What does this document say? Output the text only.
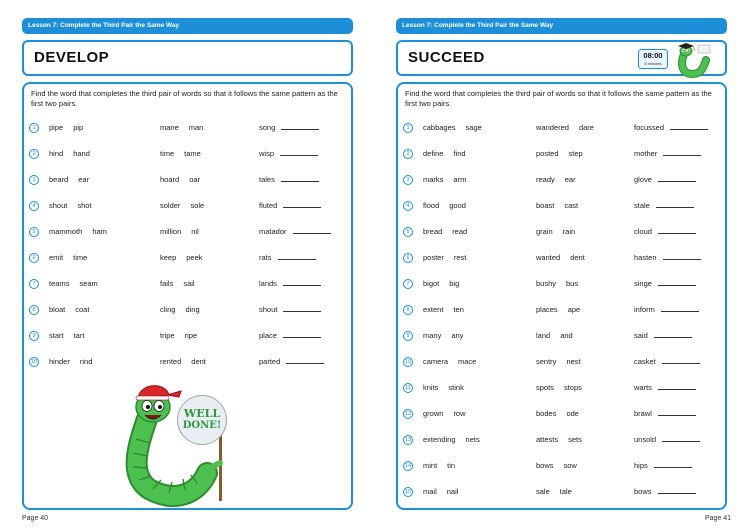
Lesson 7: Complete the Third Pair the Same Way
DEVELOP
Find the word that completes the third pair of words so that it follows the same pattern as the first two pairs.
1	pipe pip	mane man	song
2	hind hand	time tame	wisp
3	beard ear	hoard oar	tales
4	shout shot	solder sole	fluted
5	mammoth ham	million nil	matador
6	emit time	keep peek	rats
7	teams seam	fails sail	lands
8	bloat coat	cling ding	shout
9	start tart	tripe ripe	place
10 hinder rind	rented dent	parted
WELL
DONE!
Page 40
Lesson 7: Complete the Third Pair the Same Way
SUCCEED	08:00
8 minutes
Find the word that completes the third pair of words so that it follows the same pattern as the first two pairs.
1	cabbages sage	wandered dare	focussed
2	define find	posted step	mother
3	marks arm	ready ear	glove
4	flood good	boast cast	stale
5	bread read	grain rain	cloud
6	poster rest	wanted dent	hasten
7	bigot big	bushy bus	singe
8	extent ten	places ape	inform
9	many any	land and	said
10 camera mace	sentry nest	casket
11 knits stink	spots stops	warts
12 grown row	bodes ode	brawl
13 extending nets	attests sets	unsold
14 mint tin	bows sow	hips
15 mail nail	sale tale	bows
Page 41
